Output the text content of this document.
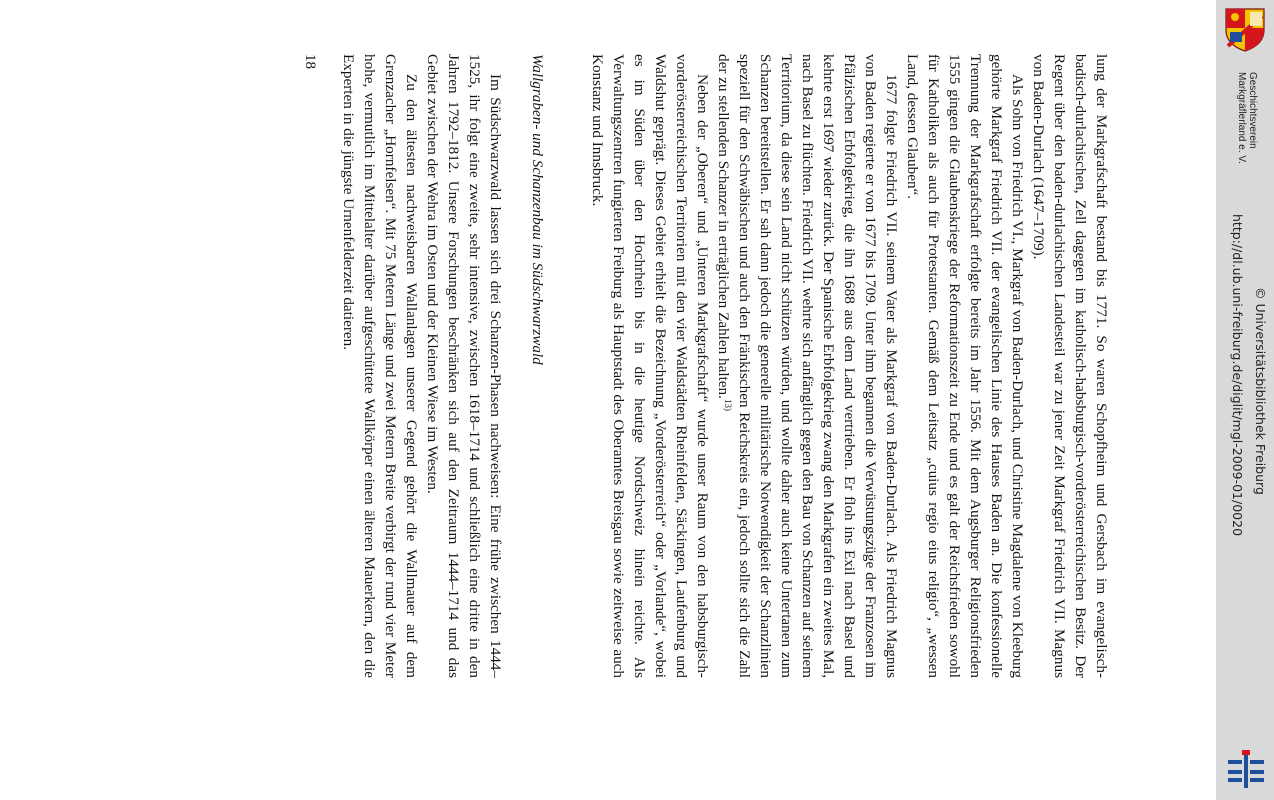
lung der Markgrafschaft bestand bis 1771. So waren Schopfheim und Gersbach im evangelisch-badisch-durlachischen, Zell dagegen im katholisch-habsburgisch-vorderösterreichischen Besitz. Der Regent über den baden-durlachischen Landesteil war zu jener Zeit Markgraf Friedrich VII. Magnus von Baden-Durlach (1647–1709).

Als Sohn von Friedrich VI., Markgraf von Baden-Durlach, und Christine Magdalene von Kleeburg gehörte Markgraf Friedrich VII. der evangelischen Linie des Hauses Baden an. Die konfessionelle Trennung der Markgrafschaft erfolgte bereits im Jahr 1556. Mit dem Augsburger Religionsfrieden 1555 gingen die Glaubenskriege der Reformationszeit zu Ende und es galt der Reichsfrieden sowohl für Katholiken als auch für Protestanten. Gemäß dem Leitsatz „cuius regio eius religio“, „wessen Land, dessen Glauben“.

1677 folgte Friedrich VII. seinem Vater als Markgraf von Baden-Durlach. Als Friedrich Magnus von Baden regierte er von 1677 bis 1709. Unter ihm begannen die Verwüstungszüge der Franzosen im Pfälzischen Erbfolgekrieg, die ihn 1688 aus dem Land vertrieben. Er floh ins Exil nach Basel und kehrte erst 1697 wieder zurück. Der Spanische Erbfolgekrieg zwang den Markgrafen ein zweites Mal, nach Basel zu flüchten. Friedrich VII. wehrte sich anfänglich gegen den Bau von Schanzen auf seinem Territorium, da diese sein Land nicht schützen würden, und wollte daher auch keine Untertanen zum Schanzen bereitstellen. Er sah dann jedoch die generelle militärische Notwendigkeit der Schanzlinien speziell für den Schwäbischen und auch den Fränkischen Reichskreis ein, jedoch sollte sich die Zahl der zu stellenden Schanzer in erträglichen Zahlen halten.$^{13)}$

Neben der „Oberen“ und „Unteren Markgrafschaft“ wurde unser Raum von den habsburgisch-vorderösterreichischen Territorien mit den vier Waldstädten Rheinfelden, Säckingen, Laufenburg und Waldshut geprägt. Dieses Gebiet erhielt die Bezeichnung „Vorderösterreich“ oder „Vorlande“, wobei es im Süden über den Hochrhein bis in die heutige Nordschweiz hinein reichte. Als Verwaltungszentren fungierten Freiburg als Hauptstadt des Oberamtes Breisgau sowie zeitweise auch Konstanz und Innsbruck.

Wallgraben- und Schanzenbau im Südschwarzwald

Im Südschwarzwald lassen sich drei Schanzen-Phasen nachweisen: Eine frühe zwischen 1444–1525, ihr folgt eine zweite, sehr intensive, zwischen 1618–1714 und schließlich eine dritte in den Jahren 1792–1812. Unsere Forschungen beschränken sich auf den Zeitraum 1444–1714 und das Gebiet zwischen der Wehra im Osten und der Kleinen Wiese im Westen.

Zu den ältesten nachweisbaren Wallanlagen unserer Gegend gehört die Wallmauer auf dem Grenzacher „Hornfelsen“. Mit 75 Metern Länge und zwei Metern Breite verbirgt der rund vier Meter hohe, vermutlich im Mittelalter darüber aufgeschüttete Wallkörper einen älteren Mauerkern, den die Experten in die jüngste Urnenfelderzeit datieren.

18
Geschichtsverein
Markgräflerland e. V.
http://dl.ub.uni-freiburg.de/diglit/mgl-2009-01/0020 © Universitätsbibliothek Freiburg
